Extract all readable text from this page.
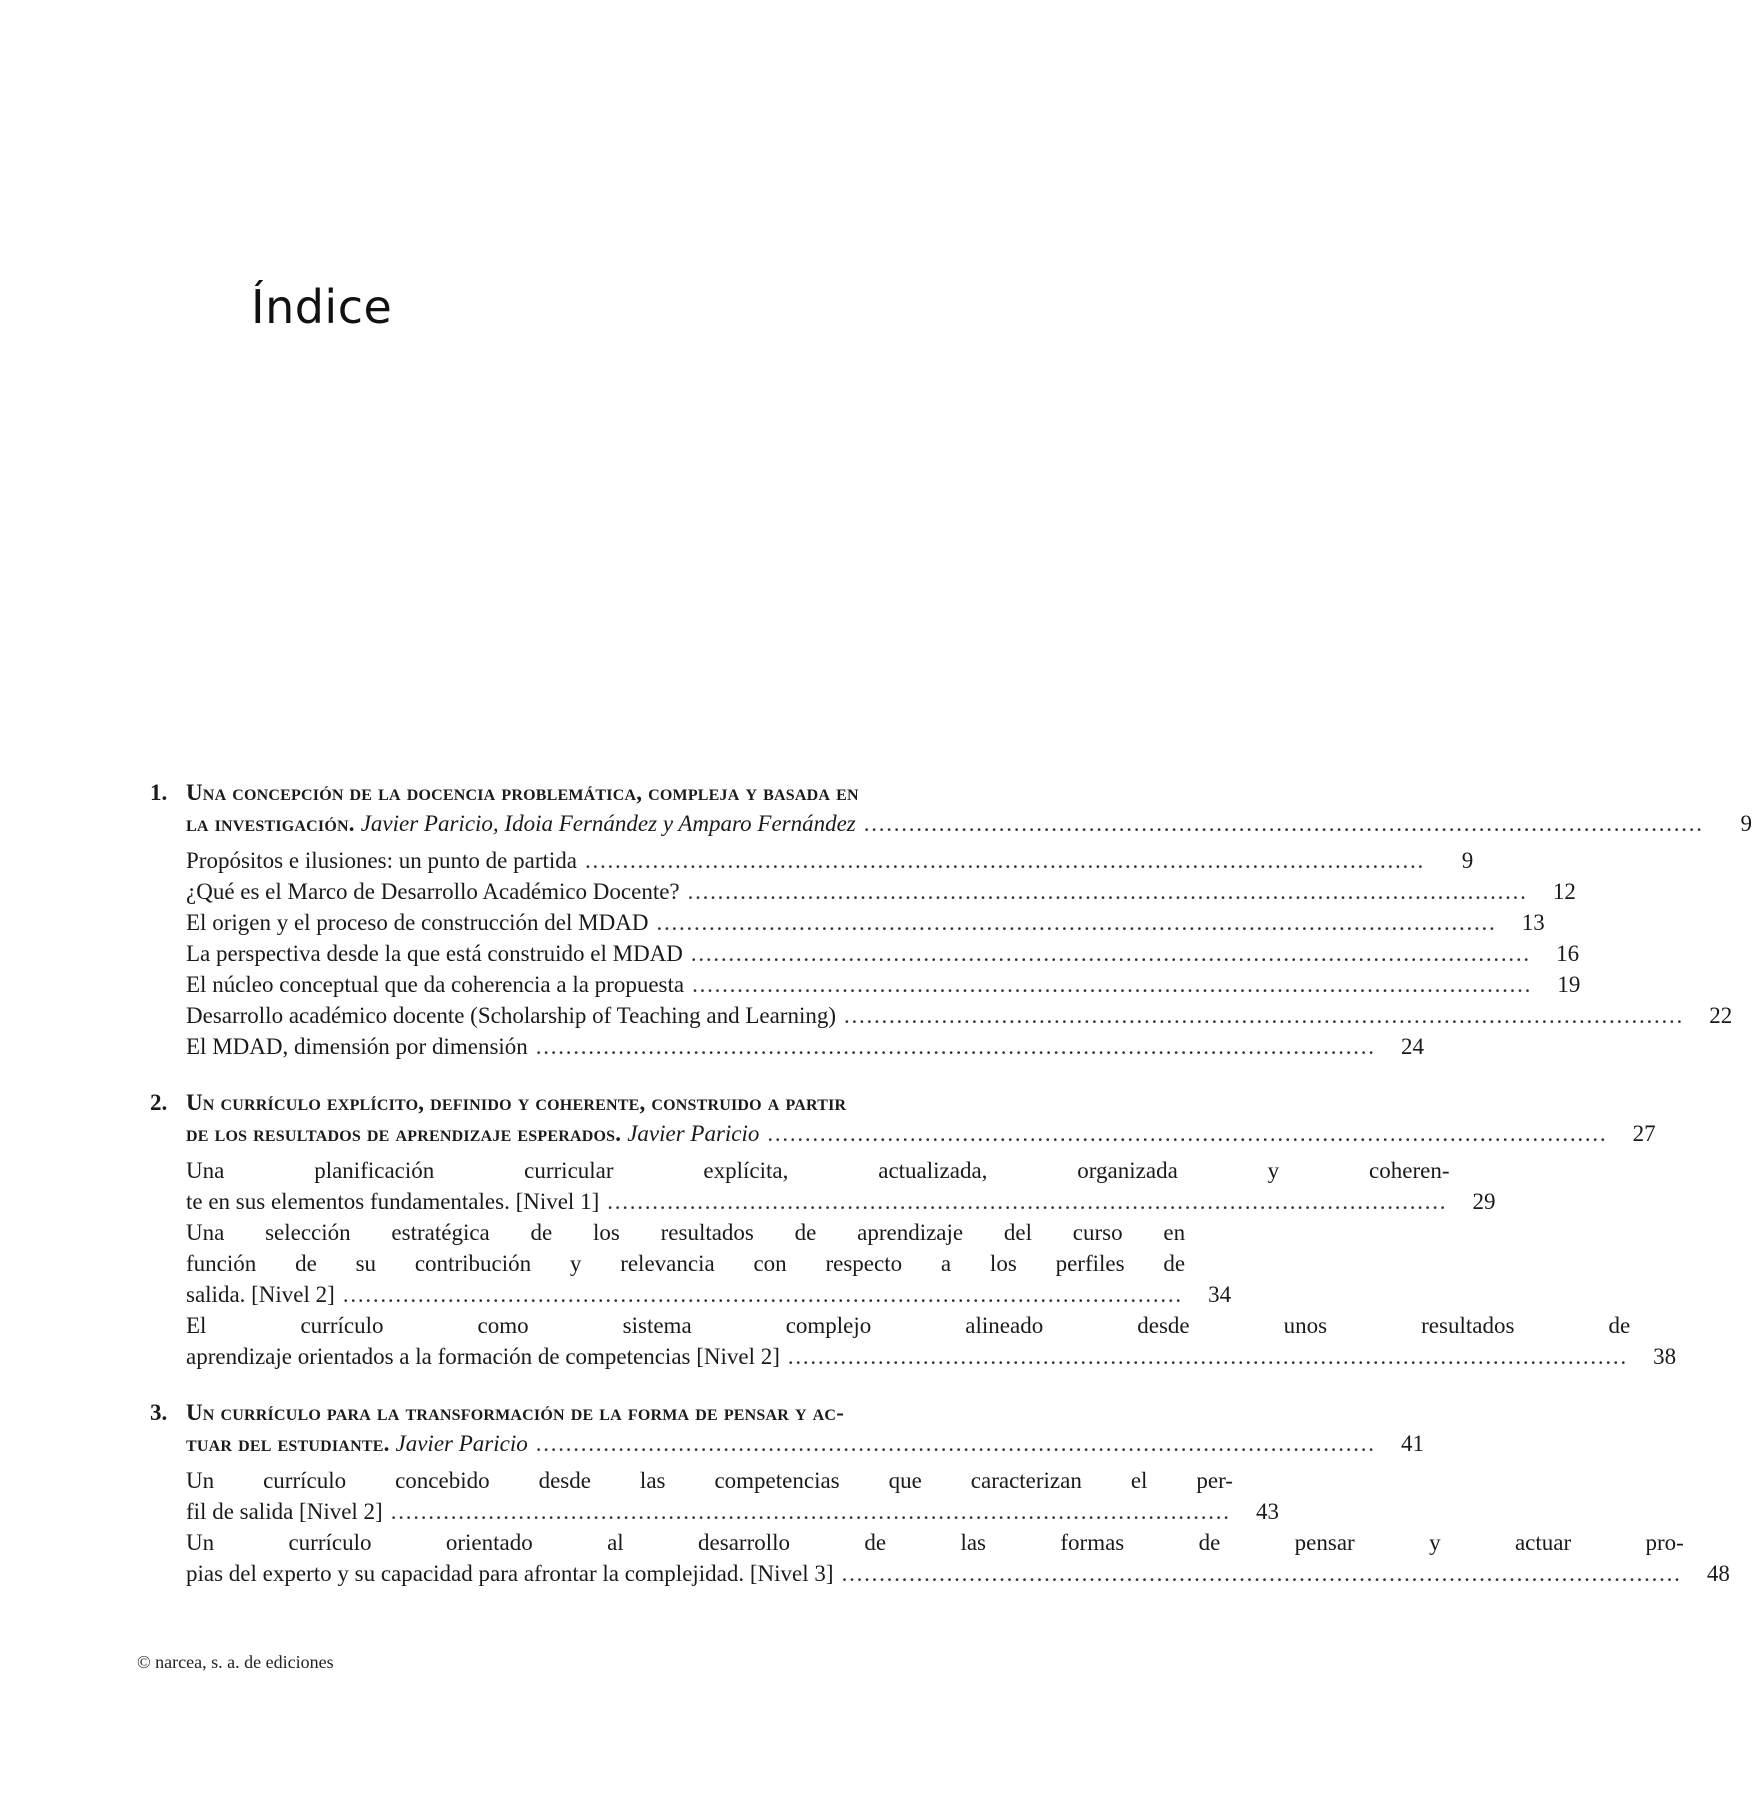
Índice
1. Una concepción de la docencia problemática, compleja y basada en
la investigación. Javier Paricio, Idoia Fernández y Amparo Fernández . . .	9
Propósitos e ilusiones: un punto de partida . . .	9
¿Qué es el Marco de Desarrollo Académico Docente? . . .	12
El origen y el proceso de construcción del MDAD . . .	13
La perspectiva desde la que está construido el MDAD . . .	16
El núcleo conceptual que da coherencia a la propuesta . . .	19
Desarrollo académico docente (Scholarship of Teaching and Learning) . . .	22
El MDAD, dimensión por dimensión . . .	24
2. Un currículo explícito, definido y coherente, construido a partir
de los resultados de aprendizaje esperados. Javier Paricio . . .	27
Una planificación curricular explícita, actualizada, organizada y coheren-
te en sus elementos fundamentales. [Nivel 1] . . .	29
Una selección estratégica de los resultados de aprendizaje del curso en
función de su contribución y relevancia con respecto a los perfiles de
salida. [Nivel 2] . . .	34
El currículo como sistema complejo alineado desde unos resultados de
aprendizaje orientados a la formación de competencias [Nivel 2] . . .	38
3. Un currículo para la transformación de la forma de pensar y ac-
tuar del estudiante. Javier Paricio . . .	41
Un currículo concebido desde las competencias que caracterizan el per-
fil de salida [Nivel 2] . . .	43
Un currículo orientado al desarrollo de las formas de pensar y actuar pro-
pias del experto y su capacidad para afrontar la complejidad. [Nivel 3] . . .	48
© narcea, s. a. de ediciones
